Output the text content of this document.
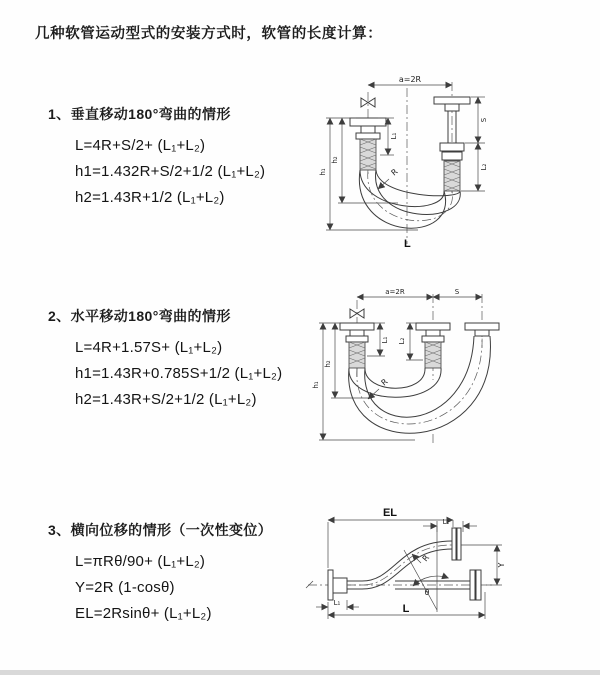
几种软管运动型式的安装方式时，软管的长度计算：
1、垂直移动180°弯曲的情形
L=4R+S/2+ (L₁+L₂)
h1=1.432R+S/2+1/2 (L₁+L₂)
h2=1.43R+1/2 (L₁+L₂)
2、水平移动180°弯曲的情形
L=4R+1.57S+ (L₁+L₂)
h1=1.43R+0.785S+1/2 (L₁+L₂)
h2=1.43R+S/2+1/2 (L₁+L₂)
3、横向位移的情形（一次性变位）
L=πRθ/90+ (L₁+L₂)
Y=2R (1-cosθ)
EL=2Rsinθ+ (L₁+L₂)
a=2R
L₁
S
L₂
h₁
h₂
R
L
a=2R	S
L₁ L₂
h₁
h₂
R
EL
L₂
θ
R
Y
L₁	L
